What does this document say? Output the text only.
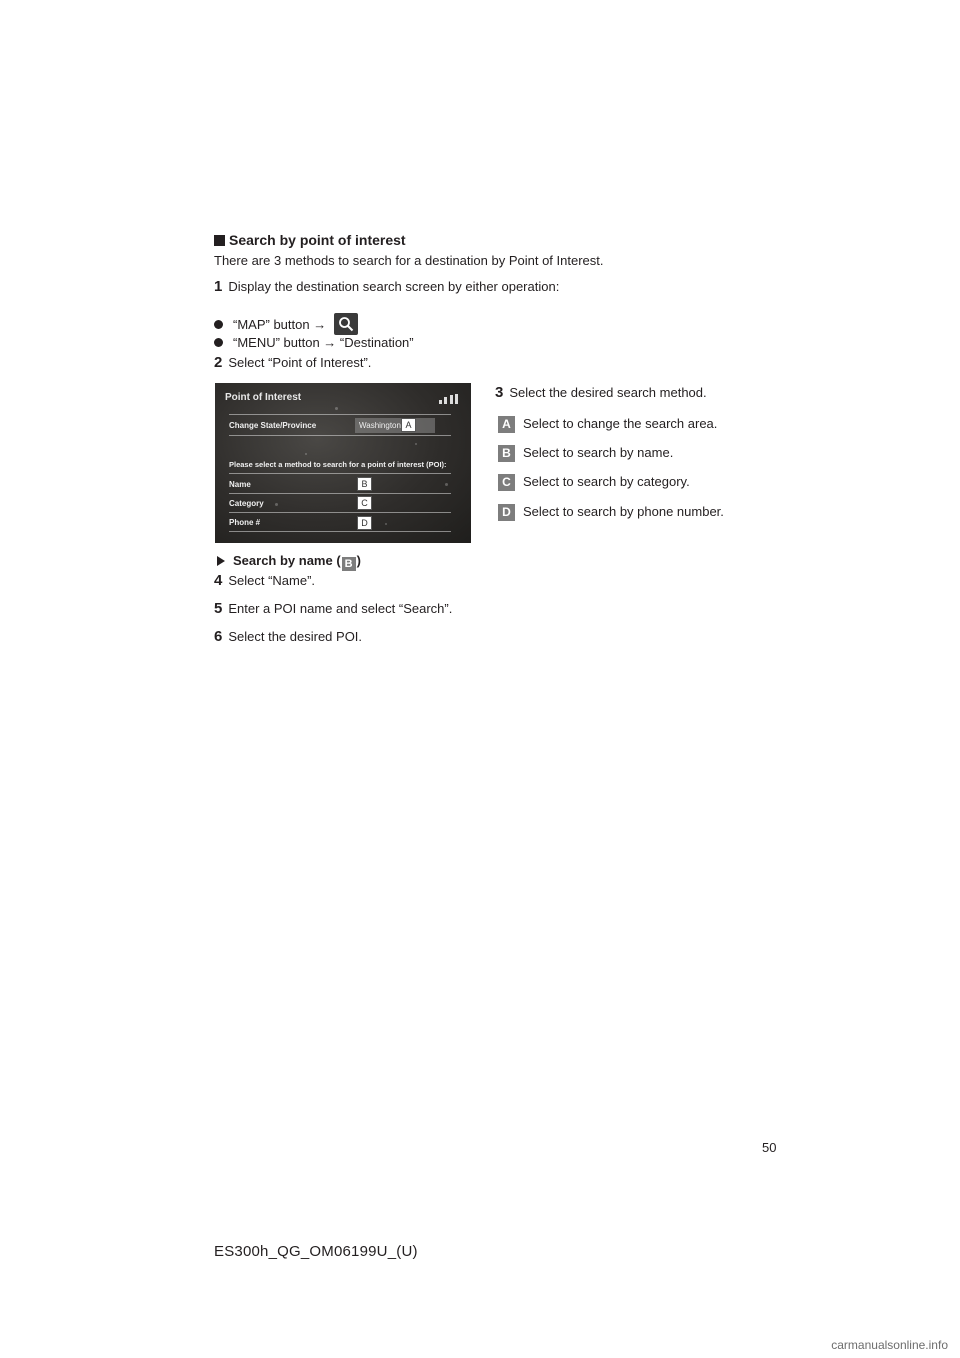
Search by point of interest
There are 3 methods to search for a destination by Point of Interest.
1 Display the destination search screen by either operation:
“MAP” button →
“MENU” button → “Destination”
2 Select “Point of Interest”.
Point of Interest
Change State/Province	Washington A
Please select a method to search for a point of interest (POI):
Name	B
Category	C
Phone #	D
3 Select the desired search method.
A Select to change the search area.
B Select to search by name.
C Select to search by category.
D Select to search by phone number.
Search by name ( B )
4 Select “Name”.
5 Enter a POI name and select “Search”.
6 Select the desired POI.
50
ES300h_QG_OM06199U_(U)
carmanualsonline.info
